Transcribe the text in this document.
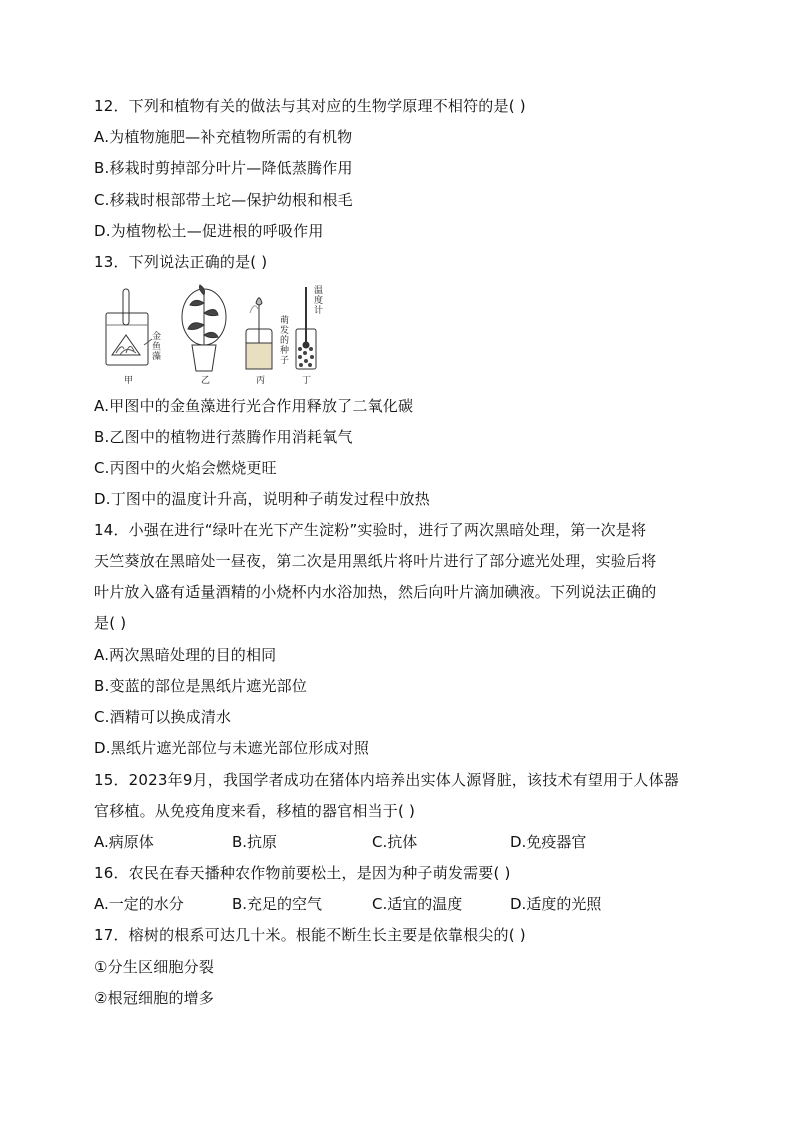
12．下列和植物有关的做法与其对应的生物学原理不相符的是( )
A.为植物施肥—补充植物所需的有机物
B.移栽时剪掉部分叶片—降低蒸腾作用
C.移栽时根部带土坨—保护幼根和根毛
D.为植物松土—促进根的呼吸作用
13．下列说法正确的是( )
金
鱼
藻
甲	乙	丙
萌
发
的
种
子
温
度
计
丁
A.甲图中的金鱼藻进行光合作用释放了二氧化碳
B.乙图中的植物进行蒸腾作用消耗氧气
C.丙图中的火焰会燃烧更旺
D.丁图中的温度计升高，说明种子萌发过程中放热
14．小强在进行“绿叶在光下产生淀粉”实验时，进行了两次黑暗处理，第一次是将
天竺葵放在黑暗处一昼夜，第二次是用黑纸片将叶片进行了部分遮光处理，实验后将
叶片放入盛有适量酒精的小烧杯内水浴加热，然后向叶片滴加碘液。下列说法正确的
是( )
A.两次黑暗处理的目的相同
B.变蓝的部位是黑纸片遮光部位
C.酒精可以换成清水
D.黑纸片遮光部位与未遮光部位形成对照
15．2023年9月，我国学者成功在猪体内培养出实体人源肾脏，该技术有望用于人体器
官移植。从免疫角度来看，移植的器官相当于( )
A.病原体	B.抗原	C.抗体	D.免疫器官
16．农民在春天播种农作物前要松土，是因为种子萌发需要( )
A.一定的水分	B.充足的空气	C.适宜的温度	D.适度的光照
17．榕树的根系可达几十米。根能不断生长主要是依靠根尖的( )
①分生区细胞分裂
②根冠细胞的增多
